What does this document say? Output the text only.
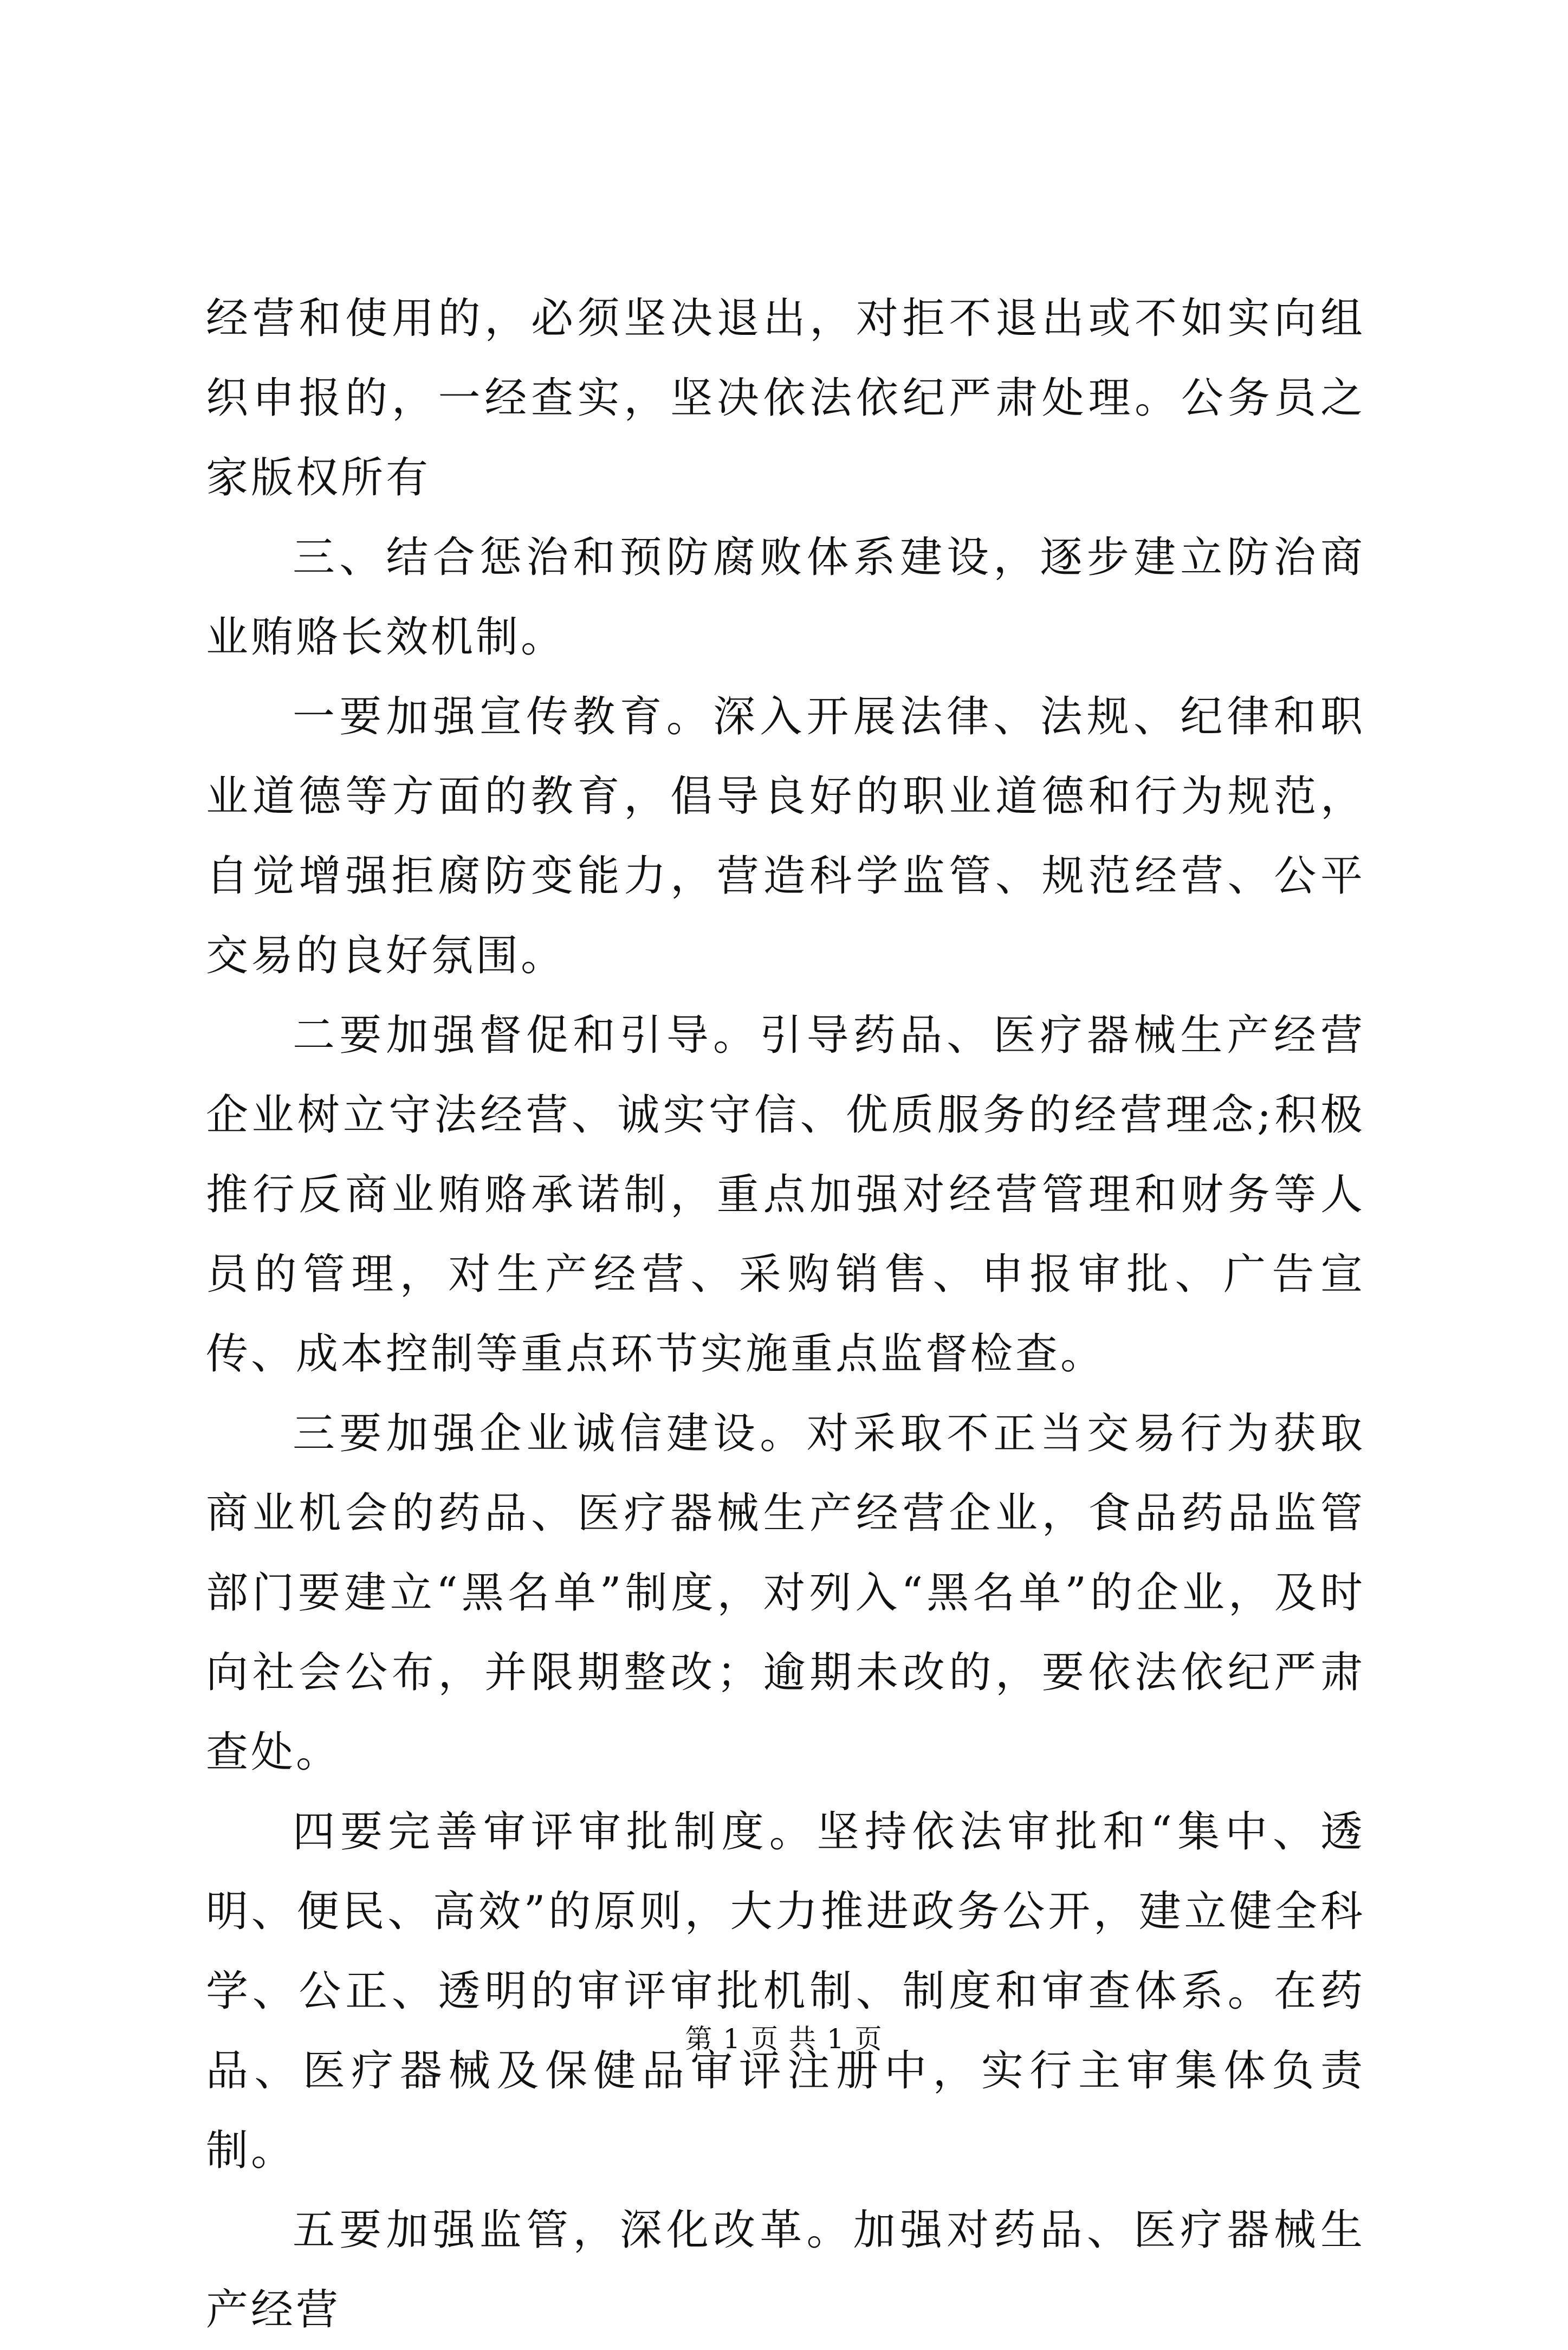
经营和使用的，必须坚决退出，对拒不退出或不如实向组织申报的，一经查实，坚决依法依纪严肃处理。公务员之家版权所有

三、结合惩治和预防腐败体系建设，逐步建立防治商业贿赂长效机制。

一要加强宣传教育。深入开展法律、法规、纪律和职业道德等方面的教育，倡导良好的职业道德和行为规范，自觉增强拒腐防变能力，营造科学监管、规范经营、公平交易的良好氛围。

二要加强督促和引导。引导药品、医疗器械生产经营企业树立守法经营、诚实守信、优质服务的经营理念;积极推行反商业贿赂承诺制，重点加强对经营管理和财务等人员的管理，对生产经营、采购销售、申报审批、广告宣传、成本控制等重点环节实施重点监督检查。

三要加强企业诚信建设。对采取不正当交易行为获取商业机会的药品、医疗器械生产经营企业，食品药品监管部门要建立“黑名单”制度，对列入“黑名单”的企业，及时向社会公布，并限期整改；逾期未改的，要依法依纪严肃查处。

四要完善审评审批制度。坚持依法审批和“集中、透明、便民、高效”的原则，大力推进政务公开，建立健全科学、公正、透明的审评审批机制、制度和审查体系。在药品、医疗器械及保健品审评注册中，实行主审集体负责制。

五要加强监管，深化改革。加强对药品、医疗器械生产经营

第 1 页 共 1 页
